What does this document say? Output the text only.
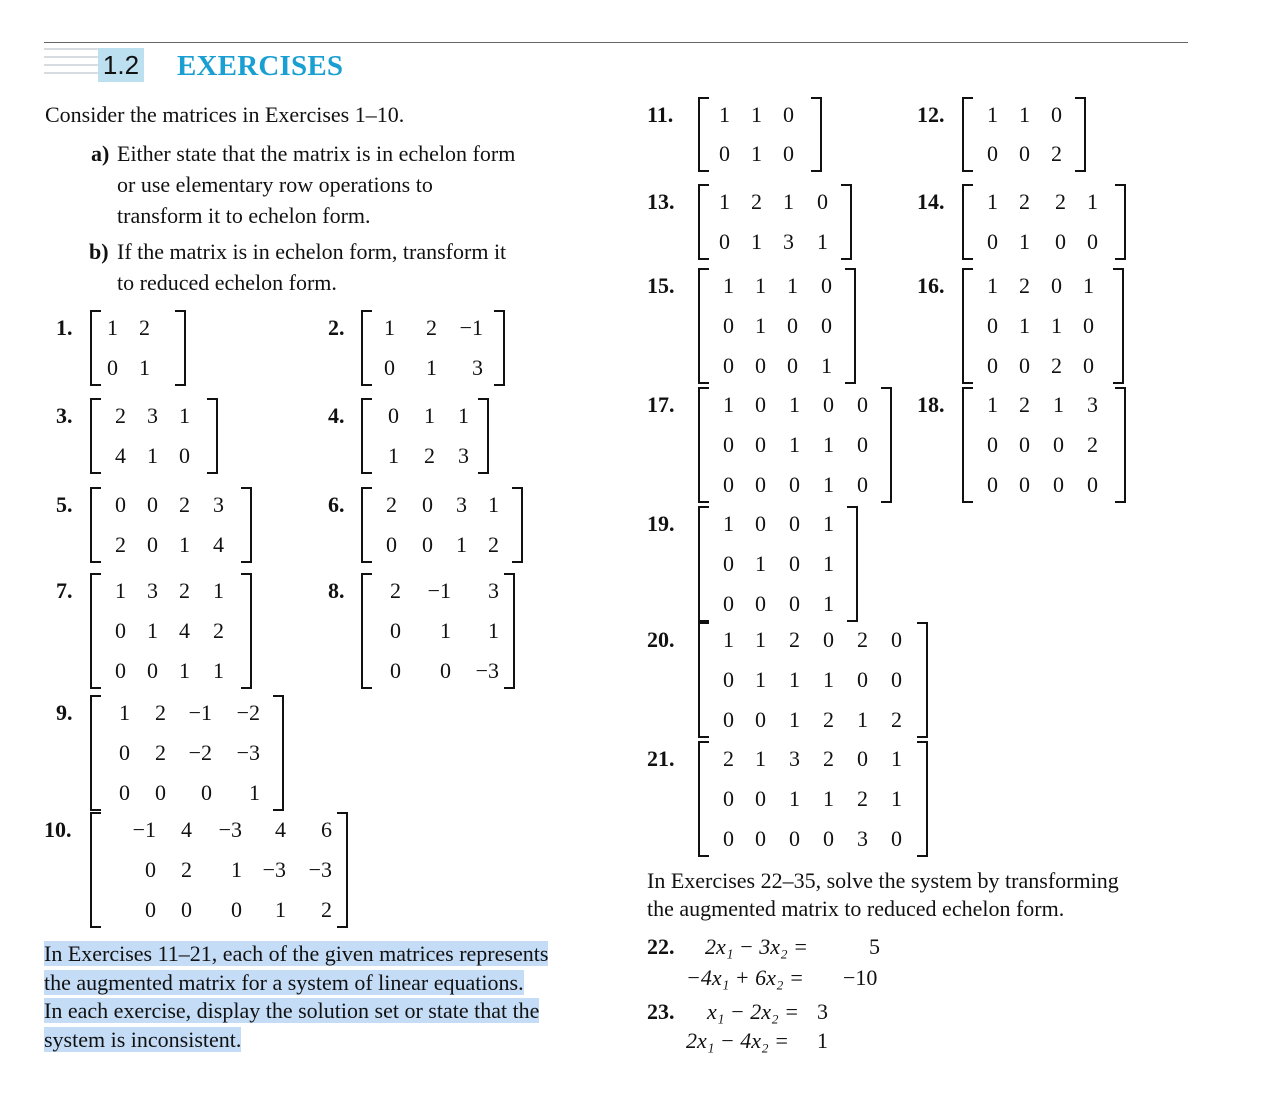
1.2 EXERCISES
Consider the matrices in Exercises 1–10.
a) Either state that the matrix is in echelon form
or use elementary row operations to
transform it to echelon form.
b) If the matrix is in echelon form, transform it
to reduced echelon form.
1.	1 2
0 1
2.	1	2	−1
0	1	3
3.	2 3 1
4 1 0
4.	0	1	1
1	2	3
5.	0 0 2	3
2 0 1	4
6.	2	0	3 1
0	0	1 2
7.	1 3 2	1
0 1 4	2
0 0 1	1
8.	2	−1	3
0	1	1
0	0	−3
9.	1	2	−1	−2
0	2	−2	−3
0	0	0	1
10.	−1	4	−3	4	6
0	2	1 −3	−3
0	0	0	1	2
11.	1 1 0
0 1 0
12.	1 1 0
0 0 2
13.	1 2 1	0
0 1 3	1
14.	1 2	2 1
0 1	0 0
15.	1 1 1	0
0 1 0	0
0 0 0	1
16.	1 2 0 1
0 1 1 0
0 0 2 0
17.	1 0	1	0	0
0 0	1	1	0
0 0	0	1	0
18.	1 2	1	3
0 0	0	2
0 0	0	0
19.	1 0	0	1
0 1	0	1
0 0	0	1
20.	1 1	2	0	2	0
0 1	1	1	0	0
0 0	1	2	1	2
21.	2 1	3	2	0	1
0 0	1	1	2	1
0 0	0	0	3	0
In Exercises 11–21, each of the given matrices represents
the augmented matrix for a system of linear equations.
In each exercise, display the solution set or state that the
system is inconsistent.
In Exercises 22–35, solve the system by transforming
the augmented matrix to reduced echelon form.
22. 2x₁ − 3x₂ =	5
−4x₁ + 6x₂ = −10
23. x₁ − 2x₂ = 3
2x₁ − 4x₂ = 1
